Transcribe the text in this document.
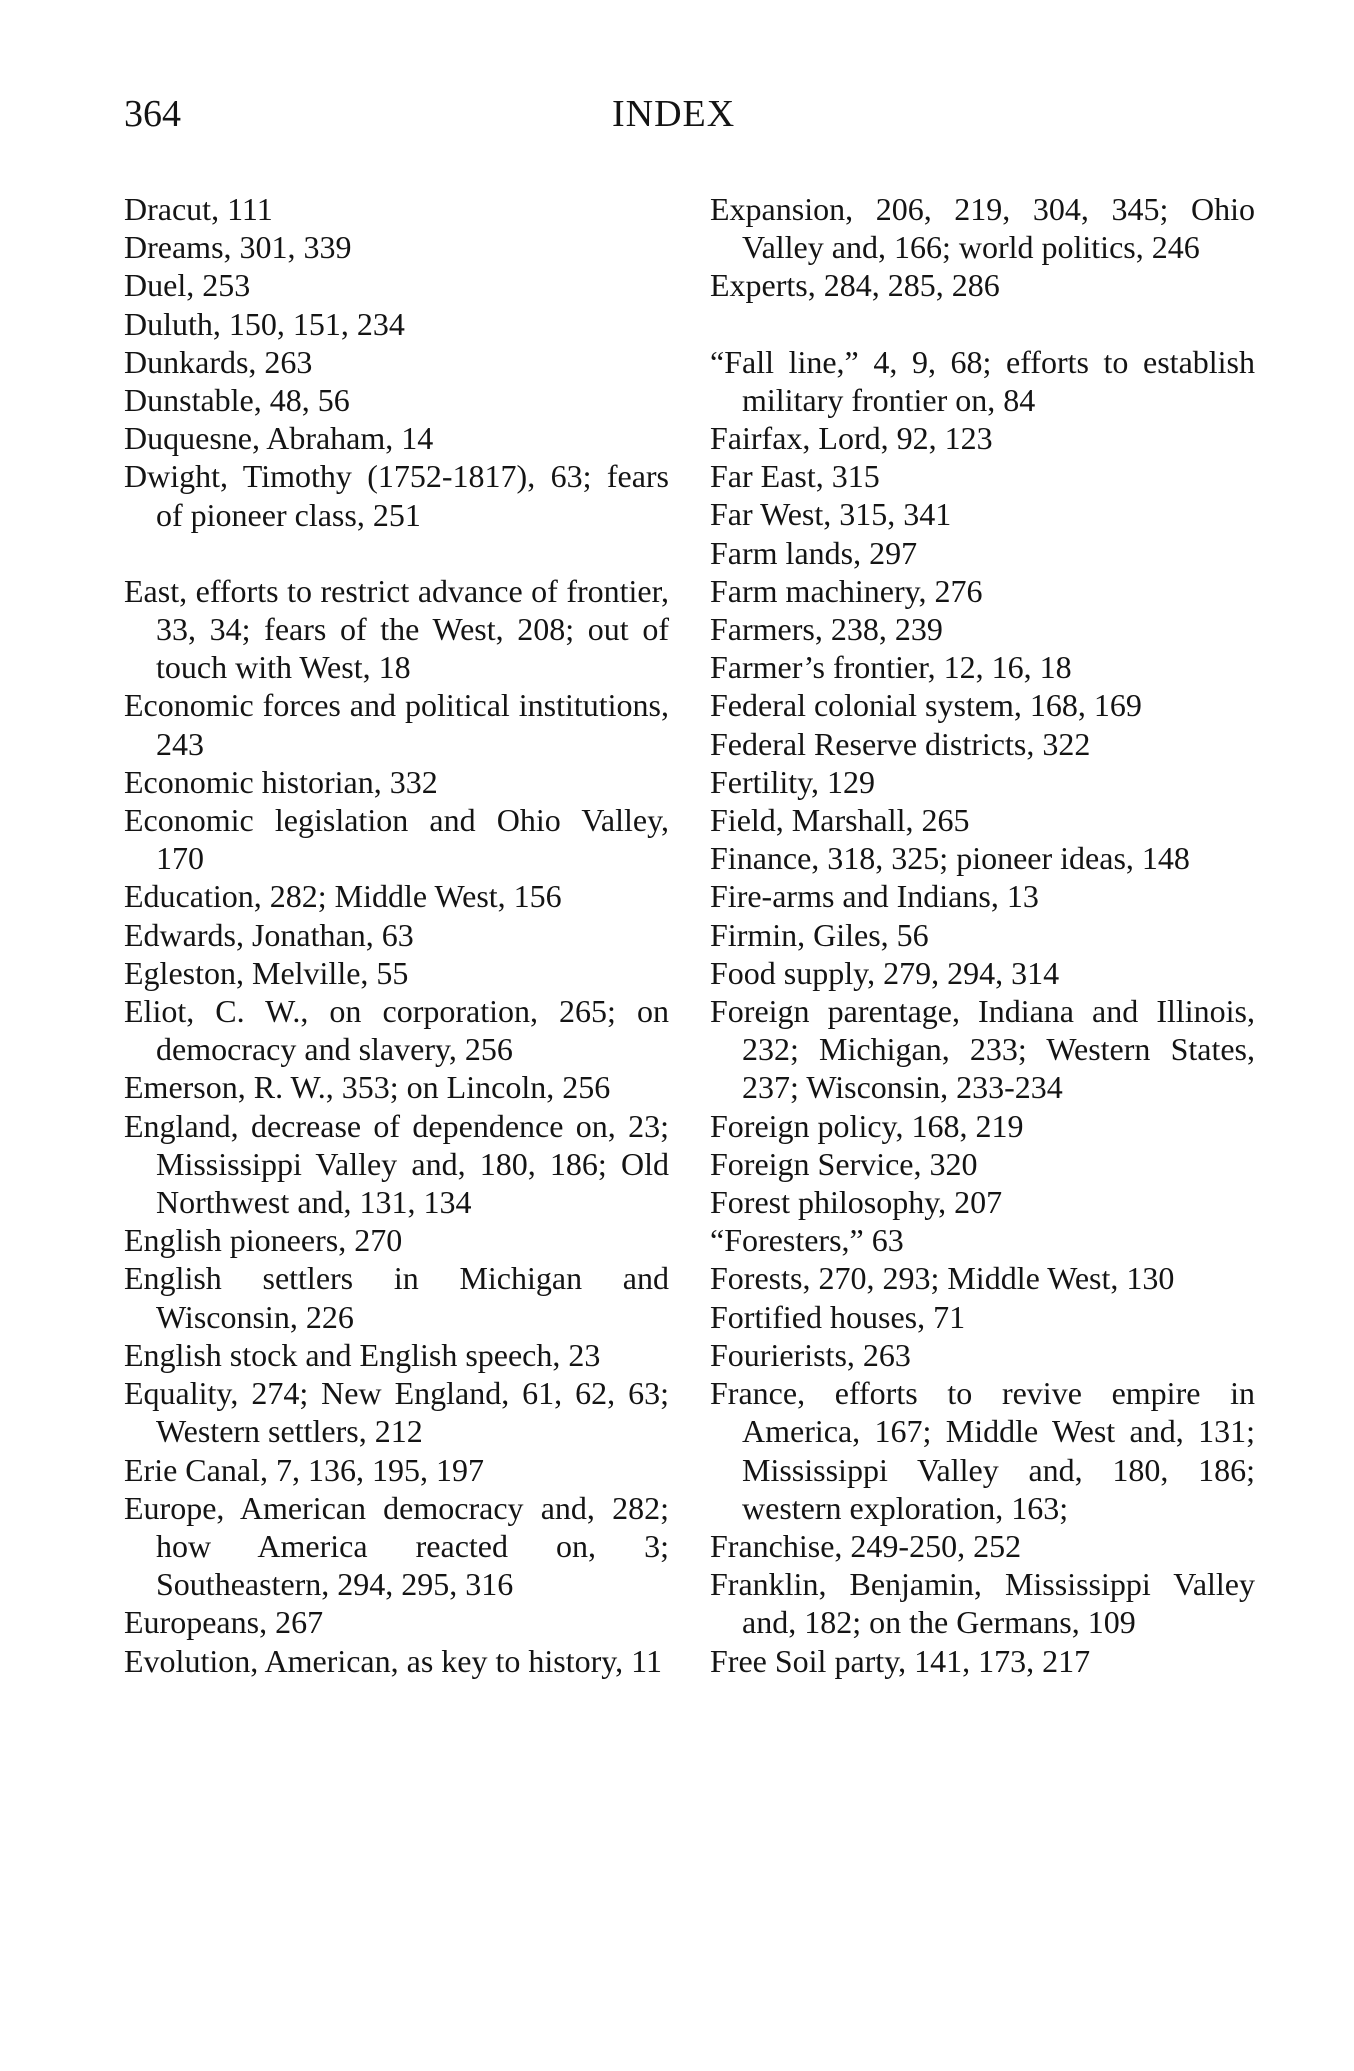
364	INDEX
Dracut, 111
Dreams, 301, 339
Duel, 253
Duluth, 150, 151, 234
Dunkards, 263
Dunstable, 48, 56
Duquesne, Abraham, 14
Dwight, Timothy (1752-1817), 63; fears of pioneer class, 251
East, efforts to restrict advance of frontier, 33, 34; fears of the West, 208; out of touch with West, 18
Economic forces and political institutions, 243
Economic historian, 332
Economic legislation and Ohio Valley, 170
Education, 282; Middle West, 156
Edwards, Jonathan, 63
Egleston, Melville, 55
Eliot, C. W., on corporation, 265; on democracy and slavery, 256
Emerson, R. W., 353; on Lincoln, 256
England, decrease of dependence on, 23; Mississippi Valley and, 180, 186; Old Northwest and, 131, 134
English pioneers, 270
English settlers in Michigan and Wisconsin, 226
English stock and English speech, 23
Equality, 274; New England, 61, 62, 63; Western settlers, 212
Erie Canal, 7, 136, 195, 197
Europe, American democracy and, 282; how America reacted on, 3; Southeastern, 294, 295, 316
Europeans, 267
Evolution, American, as key to history, 11
Expansion, 206, 219, 304, 345; Ohio Valley and, 166; world politics, 246
Experts, 284, 285, 286
“Fall line,” 4, 9, 68; efforts to establish military frontier on, 84
Fairfax, Lord, 92, 123
Far East, 315
Far West, 315, 341
Farm lands, 297
Farm machinery, 276
Farmers, 238, 239
Farmer’s frontier, 12, 16, 18
Federal colonial system, 168, 169
Federal Reserve districts, 322
Fertility, 129
Field, Marshall, 265
Finance, 318, 325; pioneer ideas, 148
Fire-arms and Indians, 13
Firmin, Giles, 56
Food supply, 279, 294, 314
Foreign parentage, Indiana and Illinois, 232; Michigan, 233; Western States, 237; Wisconsin, 233-234
Foreign policy, 168, 219
Foreign Service, 320
Forest philosophy, 207
“Foresters,” 63
Forests, 270, 293; Middle West, 130
Fortified houses, 71
Fourierists, 263
France, efforts to revive empire in America, 167; Middle West and, 131; Mississippi Valley and, 180, 186; western exploration, 163;
Franchise, 249-250, 252
Franklin, Benjamin, Mississippi Valley and, 182; on the Germans, 109
Free Soil party, 141, 173, 217
